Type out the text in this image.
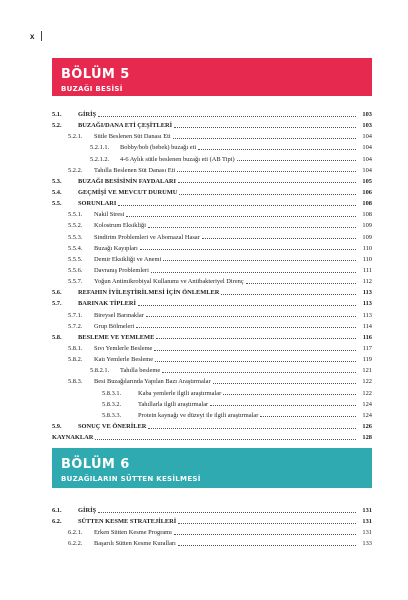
x
BÖLÜM 5
BUZAĞI BESİSİ
5.1.	GİRİŞ	103
5.2.	BUZAĞI/DANA ETİ ÇEŞİTLERİ	103
5.2.1.	Sütle Beslenen Süt Danası Eti	104
5.2.1.1.	Bobby/bob (bebek) buzağı eti	104
5.2.1.2.	4-6 Aylık sütle beslenen buzağı eti (AB Tipi)	104
5.2.2.	Tahılla Beslenen Süt Danası Eti	104
5.3.	BUZAĞI BESİSİNİN FAYDALARI	105
5.4.	GEÇMİŞİ VE MEVCUT DURUMU	106
5.5.	SORUNLARI	108
5.5.1.	Nakil Stresi	108
5.5.2.	Kolostrum Eksikliği	109
5.5.3.	Sindirim Problemleri ve Abomazal Hasar	109
5.5.4.	Buzağı Kayıpları	110
5.5.5.	Demir Eksikliği ve Anemi	110
5.5.6.	Davranış Problemleri	111
5.5.7.	Yoğun Antimikrobiyal Kullanımı ve Antibakteriyel Direnç	112
5.6.	REFAHIN İYİLEŞTİRİLMESİ İÇİN ÖNLEMLER	113
5.7.	BARINAK TİPLERİ	113
5.7.1.	Bireysel Barınaklar	113
5.7.2.	Grup Bölmeleri	114
5.8.	BESLEME VE YEMLEME	116
5.8.1.	Sıvı Yemlerle Besleme	117
5.8.2.	Katı Yemlerle Besleme	119
5.8.2.1.	Tahılla besleme	121
5.8.3.	Besi Buzağılarında Yapılan Bazı Araştırmalar	122
5.8.3.1.	Kaba yemlerle ilgili araştırmalar	122
5.8.3.2.	Tahıllarla ilgili araştırmalar	124
5.8.3.3.	Protein kaynağı ve düzeyi ile ilgili araştırmalar	124
5.9.	SONUÇ VE ÖNERİLER	126
KAYNAKLAR	128
BÖLÜM 6
BUZAĞILARIN SÜTTEN KESİLMESİ
6.1.	GİRİŞ	131
6.2.	SÜTTEN KESME STRATEJİLERİ	131
6.2.1.	Erken Sütten Kesme Programı	131
6.2.2.	Başarılı Sütten Kesme Kuralları	133
